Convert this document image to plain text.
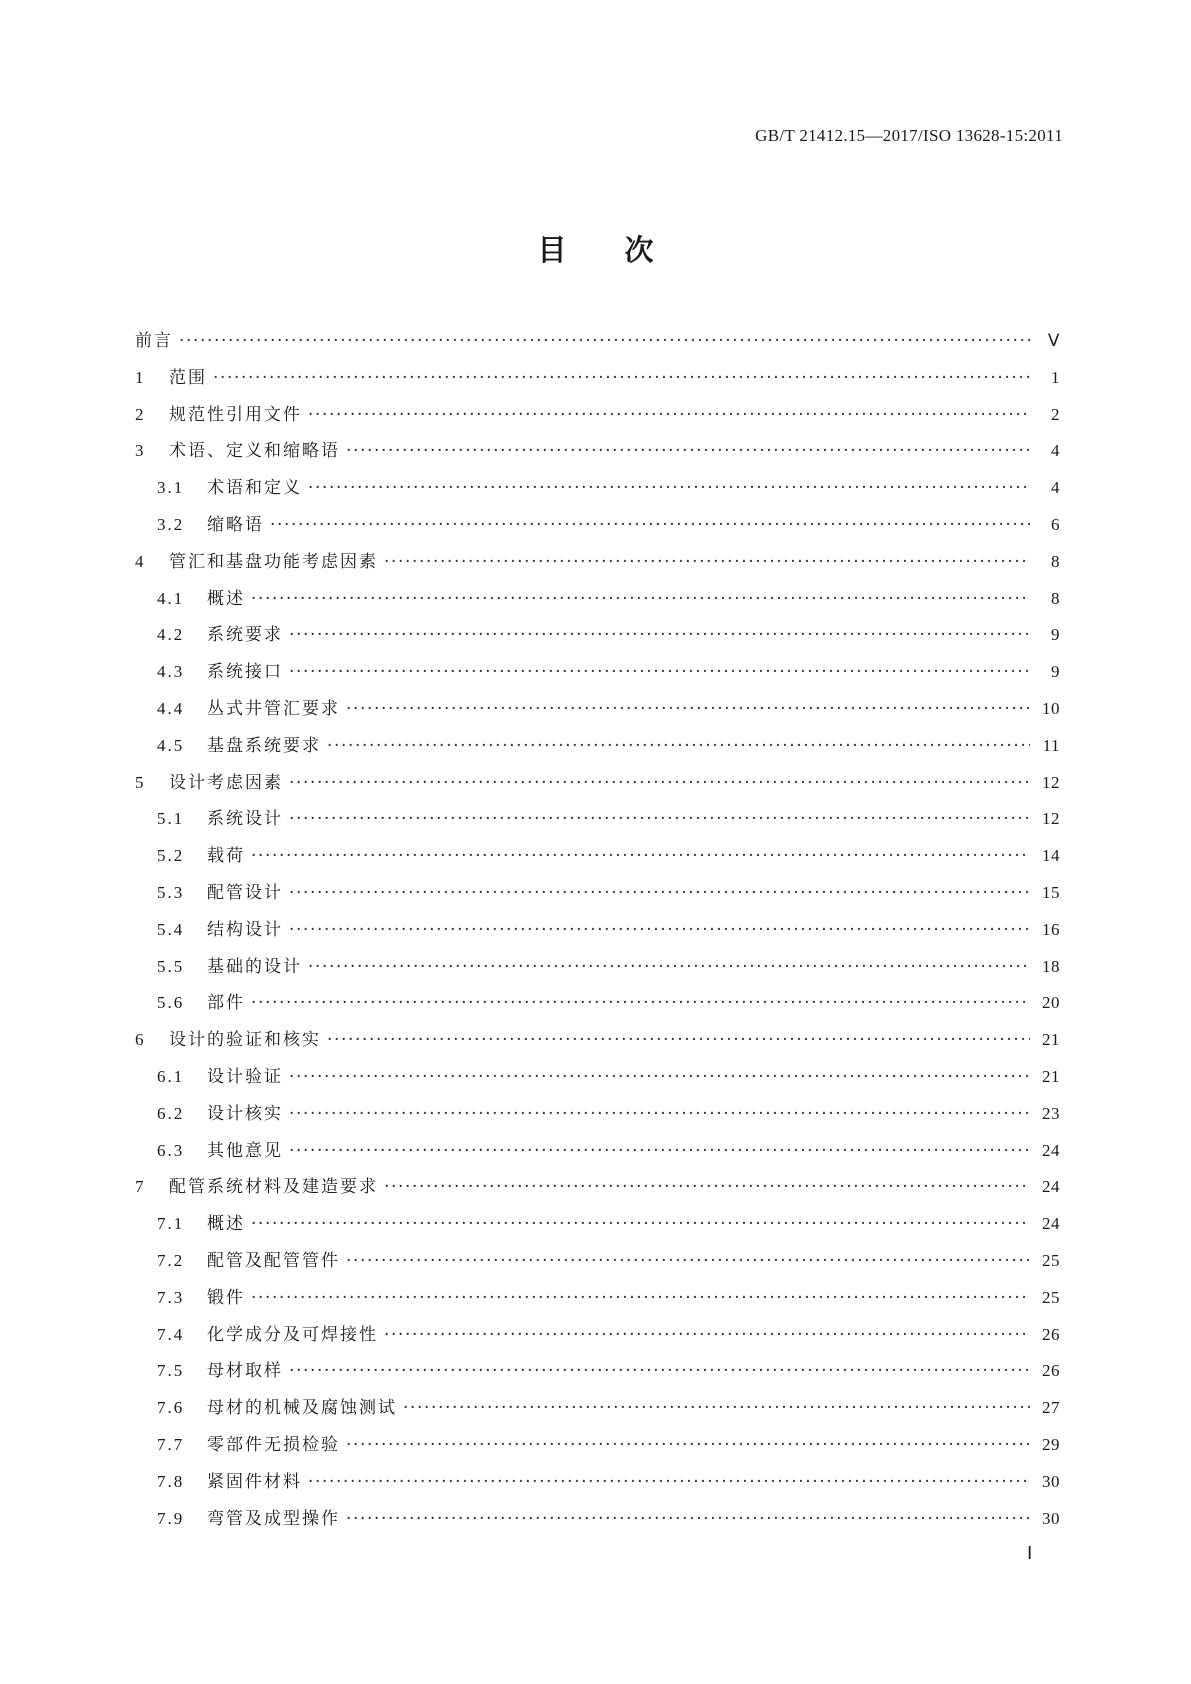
GB/T 21412.15—2017/ISO 13628-15:2011
目次
前言 ·····	Ⅴ
1	范围 ·····	1
2	规范性引用文件 ·····	2
3	术语、定义和缩略语 ·····	4
3.1	术语和定义 ·····	4
3.2	缩略语 ·····	6
4	管汇和基盘功能考虑因素 ·····	8
4.1	概述 ·····	8
4.2	系统要求 ·····	9
4.3	系统接口 ·····	9
4.4	丛式井管汇要求 ·····	10
4.5	基盘系统要求 ·····	11
5	设计考虑因素 ·····	12
5.1	系统设计 ·····	12
5.2	载荷 ·····	14
5.3	配管设计 ·····	15
5.4	结构设计 ·····	16
5.5	基础的设计 ·····	18
5.6	部件 ·····	20
6	设计的验证和核实 ·····	21
6.1	设计验证 ·····	21
6.2	设计核实 ·····	23
6.3	其他意见 ·····	24
7	配管系统材料及建造要求 ·····	24
7.1	概述 ·····	24
7.2	配管及配管管件 ·····	25
7.3	锻件 ·····	25
7.4	化学成分及可焊接性 ·····	26
7.5	母材取样 ·····	26
7.6	母材的机械及腐蚀测试 ·····	27
7.7	零部件无损检验 ·····	29
7.8	紧固件材料 ·····	30
7.9	弯管及成型操作 ·····	30
Ⅰ
